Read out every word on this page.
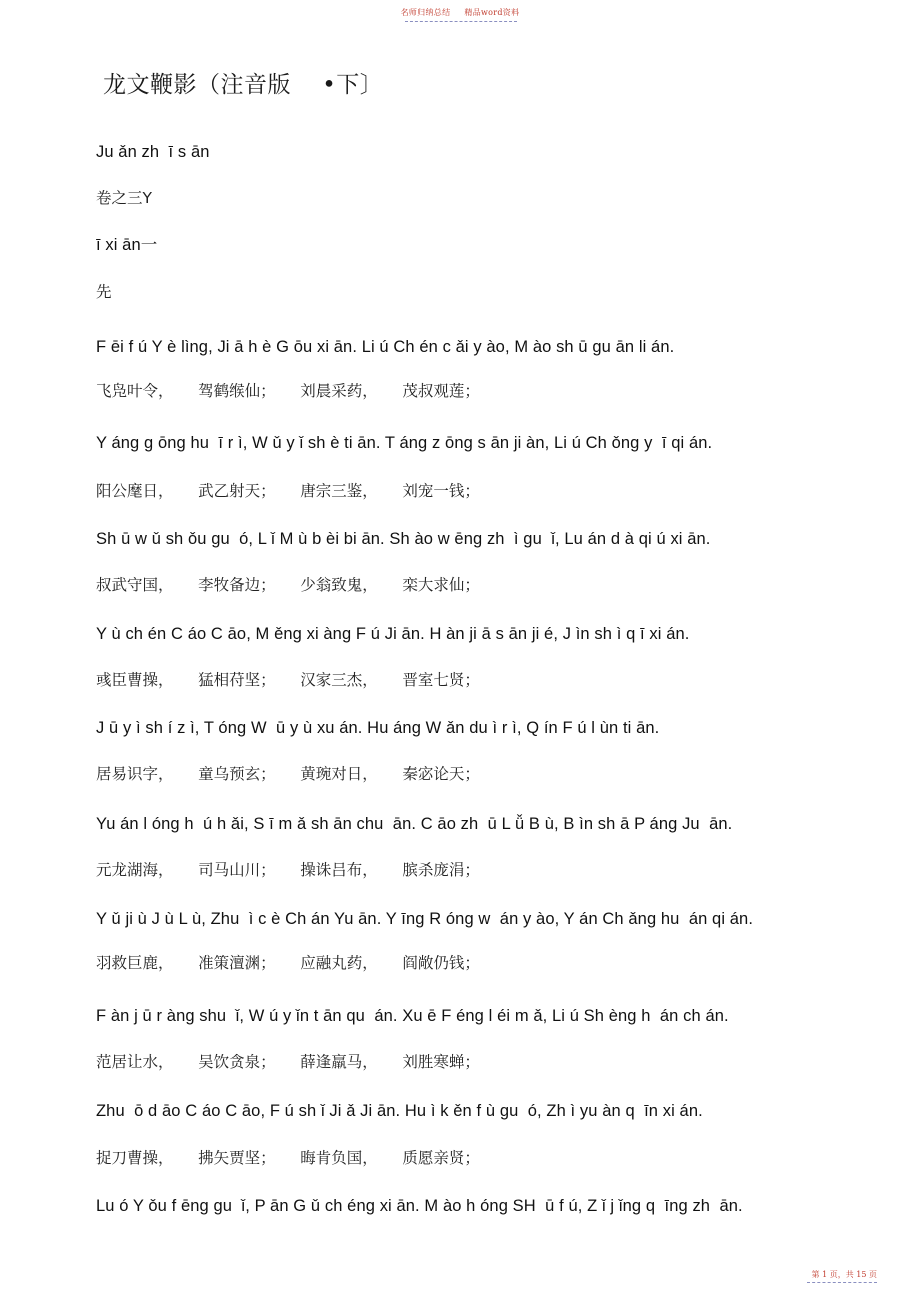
名师归纳总结 精品word资料
龙文鞭影（注音版    •下〕
Ju ǎn zh  ī s ān
卷之三Y
ī xi ān一
先
F ēi f ú Y è lìng, Ji ā h è G ōu xi ān. Li ú Ch én c ǎi y ào, M ào sh ū gu ān li án.
飞凫叶令，     驾鹤缑仙；     刘晨采药，     茂叔观莲；
Y áng g ōng hu  ī r ì, W ǔ y ǐ sh è ti ān. T áng z ōng s ān ji àn, Li ú Ch ǒng y  ī qi án.
阳公麾日，     武乙射天；     唐宗三鉴，     刘宠一钱；
Sh ū w ǔ sh ǒu gu  ó, L ǐ M ù b èi bi ān. Sh ào w ēng zh  ì gu  ǐ, Lu án d à qi ú xi ān.
叔武守国，     李牧备边；     少翁致鬼，     栾大求仙；
Y ù ch én C áo C āo, M ěng xi àng F ú Ji ān. H àn ji ā s ān ji é, J ìn sh ì q ī xi án.
彧臣曹操，     猛相苻坚；     汉家三杰，     晋室七贤；
J ū y ì sh í z ì, T óng W  ū y ù xu án. Hu áng W ǎn du ì r ì, Q ín F ú l ùn ti ān.
居易识字，     童乌预玄；     黄琬对日，     秦宓论天；
Yu án l óng h  ú h ǎi, S ī m ǎ sh ān chu  ān. C āo zh  ū L ǚ B ù, B ìn sh ā P áng Ju  ān.
元龙湖海，     司马山川；     操诛吕布，     膑杀庞涓；
Y ǔ ji ù J ù L ù, Zhu  ì c è Ch án Yu ān. Y īng R óng w  án y ào, Y án Ch ǎng hu  án qi án.
羽救巨鹿，     准策澶渊；     应融丸药，     阎敞仍钱；
F àn j ū r àng shu  ǐ, W ú y ǐn t ān qu  án. Xu ē F éng l éi m ǎ, Li ú Sh èng h  án ch án.
范居让水，     吴饮贪泉；     薛逢羸马，     刘胜寒蝉；
Zhu  ō d āo C áo C āo, F ú sh ǐ Ji ǎ Ji ān. Hu ì k ěn f ù gu  ó, Zh ì yu àn q  īn xi án.
捉刀曹操，     拂矢贾坚；     晦肯负国，     质愿亲贤；
Lu ó Y ǒu f ēng gu  ǐ, P ān G ǔ ch éng xi ān. M ào h óng SH  ū f ú, Z ǐ j ǐng q  īng zh  ān.
第 1 页，共 15 页
